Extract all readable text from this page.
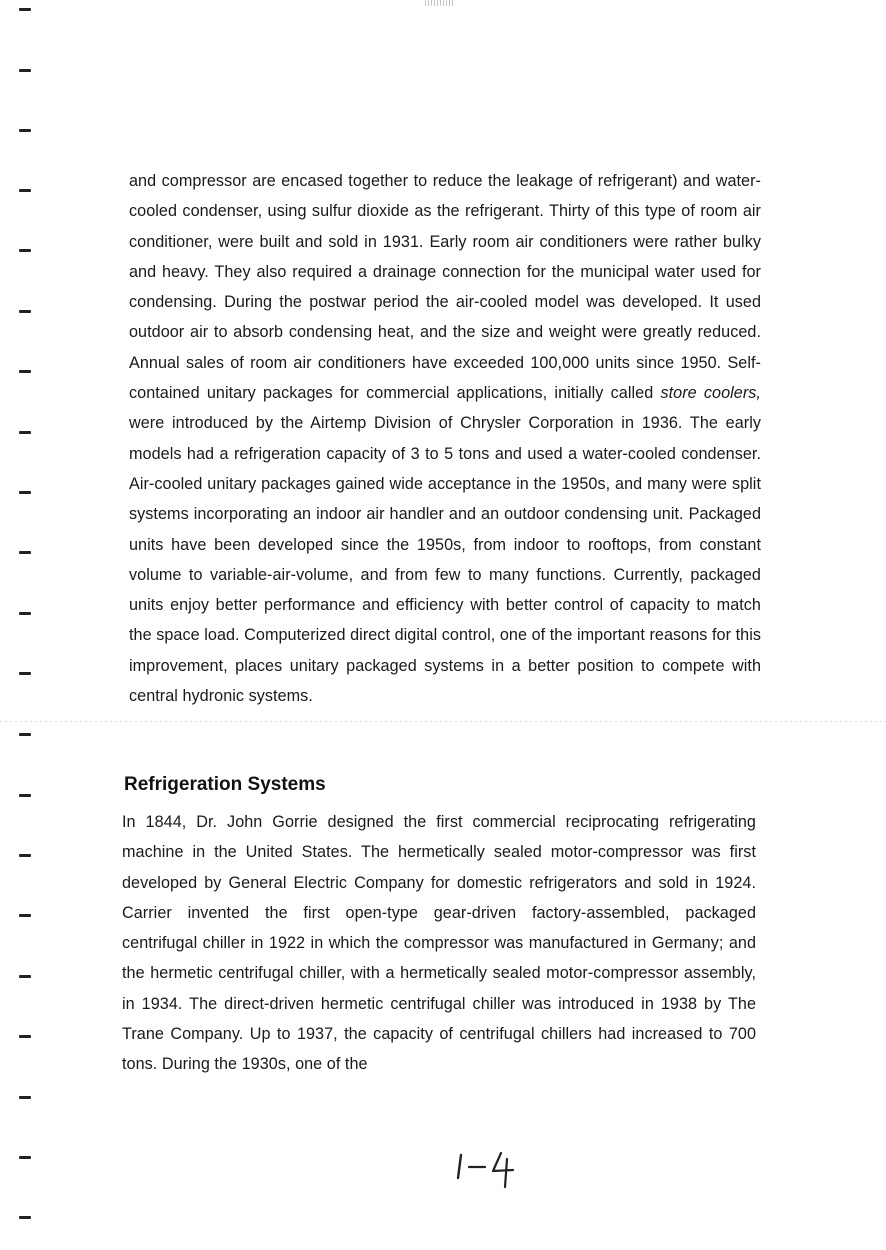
and compressor are encased together to reduce the leakage of refrigerant) and water-cooled condenser, using sulfur dioxide as the refrigerant. Thirty of this type of room air conditioner, were built and sold in 1931. Early room air conditioners were rather bulky and heavy. They also required a drainage connection for the municipal water used for condensing. During the postwar period the air-cooled model was developed. It used outdoor air to absorb condensing heat, and the size and weight were greatly reduced. Annual sales of room air conditioners have exceeded 100,000 units since 1950. Self-contained unitary packages for commercial applications, initially called store coolers, were introduced by the Airtemp Division of Chrysler Corporation in 1936. The early models had a refrigeration capacity of 3 to 5 tons and used a water-cooled condenser. Air-cooled unitary packages gained wide acceptance in the 1950s, and many were split systems incorporating an indoor air handler and an outdoor condensing unit. Packaged units have been developed since the 1950s, from indoor to rooftops, from constant volume to variable-air-volume, and from few to many functions. Currently, packaged units enjoy better performance and efficiency with better control of capacity to match the space load. Computerized direct digital control, one of the important reasons for this improvement, places unitary packaged systems in a better position to compete with central hydronic systems.

Refrigeration Systems

In 1844, Dr. John Gorrie designed the first commercial reciprocating refrigerating machine in the United States. The hermetically sealed motor-compressor was first developed by General Electric Company for domestic refrigerators and sold in 1924. Carrier invented the first open-type gear-driven factory-assembled, packaged centrifugal chiller in 1922 in which the compressor was manufactured in Germany; and the hermetic centrifugal chiller, with a hermetically sealed motor-compressor assembly, in 1934. The direct-driven hermetic centrifugal chiller was introduced in 1938 by The Trane Company. Up to 1937, the capacity of centrifugal chillers had increased to 700 tons. During the 1930s, one of the
